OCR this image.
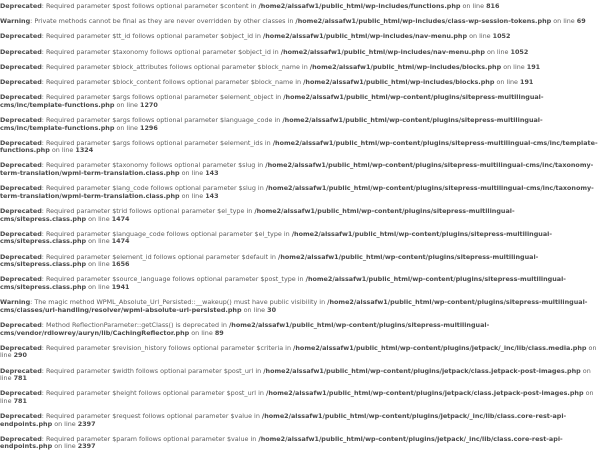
Deprecated: Required parameter $post follows optional parameter $content in /home2/alssafw1/public_html/wp-includes/functions.php on line 816

Warning: Private methods cannot be final as they are never overridden by other classes in /home2/alssafw1/public_html/wp-includes/class-wp-session-tokens.php on line 69

Deprecated: Required parameter $tt_id follows optional parameter $object_id in /home2/alssafw1/public_html/wp-includes/nav-menu.php on line 1052

Deprecated: Required parameter $taxonomy follows optional parameter $object_id in /home2/alssafw1/public_html/wp-includes/nav-menu.php on line 1052

Deprecated: Required parameter $block_attributes follows optional parameter $block_name in /home2/alssafw1/public_html/wp-includes/blocks.php on line 191

Deprecated: Required parameter $block_content follows optional parameter $block_name in /home2/alssafw1/public_html/wp-includes/blocks.php on line 191

Deprecated: Required parameter $args follows optional parameter $element_object in /home2/alssafw1/public_html/wp-content/plugins/sitepress-multilingual-cms/inc/template-functions.php on line 1270

Deprecated: Required parameter $args follows optional parameter $language_code in /home2/alssafw1/public_html/wp-content/plugins/sitepress-multilingual-cms/inc/template-functions.php on line 1296

Deprecated: Required parameter $args follows optional parameter $element_ids in /home2/alssafw1/public_html/wp-content/plugins/sitepress-multilingual-cms/inc/template-functions.php on line 1324

Deprecated: Required parameter $taxonomy follows optional parameter $slug in /home2/alssafw1/public_html/wp-content/plugins/sitepress-multilingual-cms/inc/taxonomy-term-translation/wpml-term-translation.class.php on line 143

Deprecated: Required parameter $lang_code follows optional parameter $slug in /home2/alssafw1/public_html/wp-content/plugins/sitepress-multilingual-cms/inc/taxonomy-term-translation/wpml-term-translation.class.php on line 143

Deprecated: Required parameter $trid follows optional parameter $el_type in /home2/alssafw1/public_html/wp-content/plugins/sitepress-multilingual-cms/sitepress.class.php on line 1474

Deprecated: Required parameter $language_code follows optional parameter $el_type in /home2/alssafw1/public_html/wp-content/plugins/sitepress-multilingual-cms/sitepress.class.php on line 1474

Deprecated: Required parameter $element_id follows optional parameter $default in /home2/alssafw1/public_html/wp-content/plugins/sitepress-multilingual-cms/sitepress.class.php on line 1656

Deprecated: Required parameter $source_language follows optional parameter $post_type in /home2/alssafw1/public_html/wp-content/plugins/sitepress-multilingual-cms/sitepress.class.php on line 1941

Warning: The magic method WPML_Absolute_Url_Persisted::__wakeup() must have public visibility in /home2/alssafw1/public_html/wp-content/plugins/sitepress-multilingual-cms/classes/url-handling/resolver/wpml-absolute-url-persisted.php on line 30

Deprecated: Method ReflectionParameter::getClass() is deprecated in /home2/alssafw1/public_html/wp-content/plugins/sitepress-multilingual-cms/vendor/rdlowrey/auryn/lib/CachingReflector.php on line 89

Deprecated: Required parameter $revision_history follows optional parameter $criteria in /home2/alssafw1/public_html/wp-content/plugins/jetpack/_inc/lib/class.media.php on line 290

Deprecated: Required parameter $width follows optional parameter $post_url in /home2/alssafw1/public_html/wp-content/plugins/jetpack/class.jetpack-post-images.php on line 781

Deprecated: Required parameter $height follows optional parameter $post_url in /home2/alssafw1/public_html/wp-content/plugins/jetpack/class.jetpack-post-images.php on line 781

Deprecated: Required parameter $request follows optional parameter $value in /home2/alssafw1/public_html/wp-content/plugins/jetpack/_inc/lib/class.core-rest-api-endpoints.php on line 2397

Deprecated: Required parameter $param follows optional parameter $value in /home2/alssafw1/public_html/wp-content/plugins/jetpack/_inc/lib/class.core-rest-api-endpoints.php on line 2397
